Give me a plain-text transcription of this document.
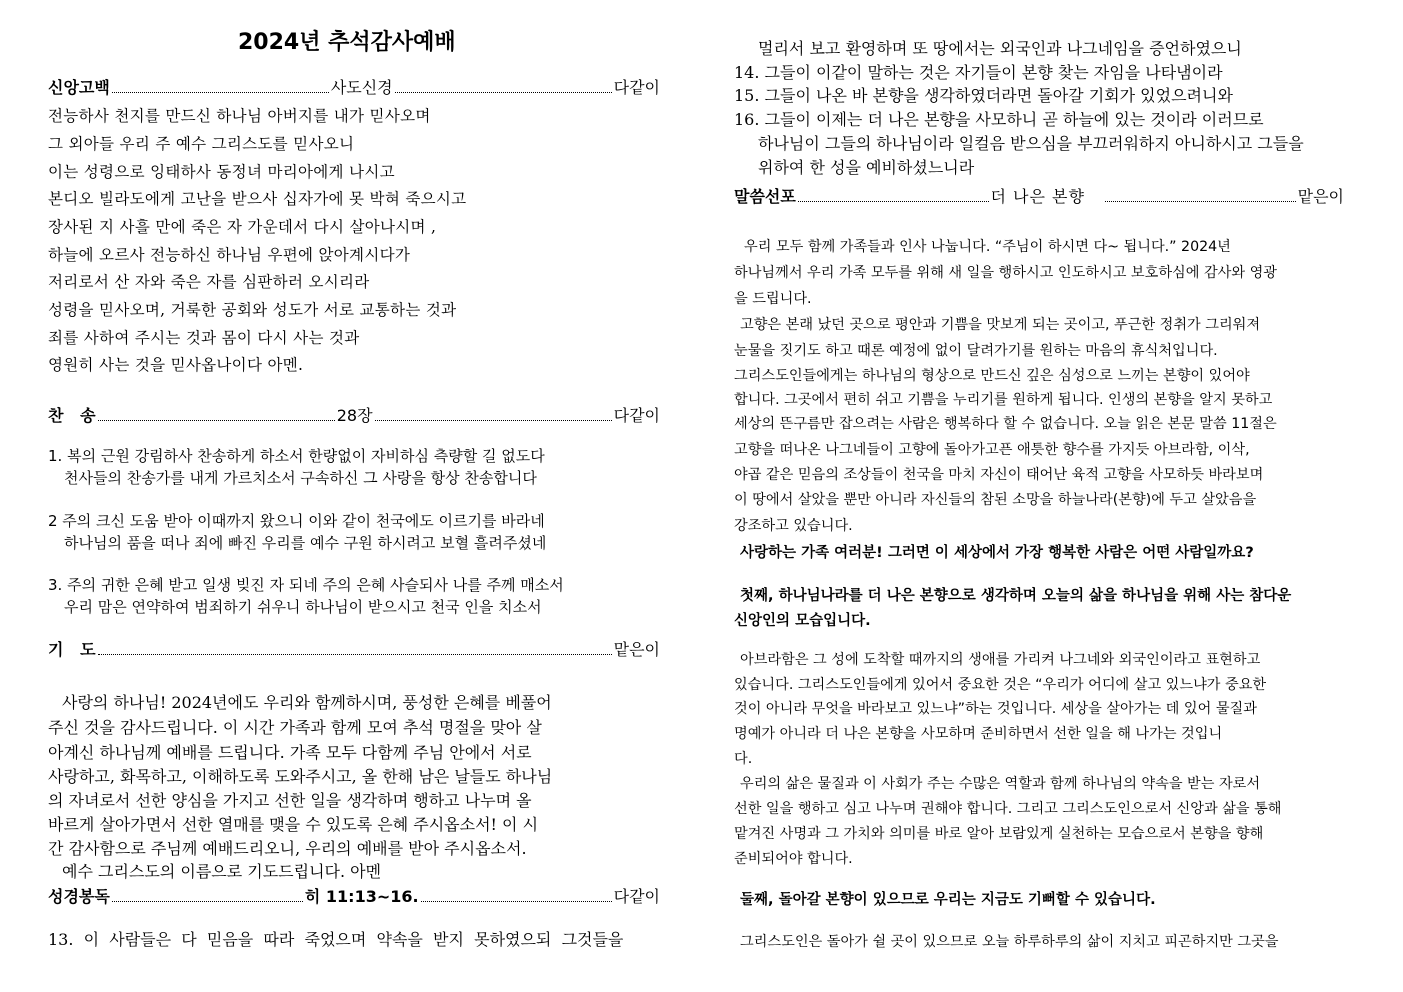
2024년 추석감사예배
신앙고백	사도신경	다같이
전능하사 천지를 만드신 하나님 아버지를 내가 믿사오며
그 외아들 우리 주 예수 그리스도를 믿사오니
이는 성령으로 잉태하사 동정녀 마리아에게 나시고
본디오 빌라도에게 고난을 받으사 십자가에 못 박혀 죽으시고
장사된 지 사흘 만에 죽은 자 가운데서 다시 살아나시며 ,
하늘에 오르사 전능하신 하나님 우편에 앉아계시다가
저리로서 산 자와 죽은 자를 심판하러 오시리라
성령을 믿사오며, 거룩한 공회와 성도가 서로 교통하는 것과
죄를 사하여 주시는 것과 몸이 다시 사는 것과
영원히 사는 것을 믿사옵나이다 아멘.
찬   송	28장	다같이
1. 복의 근원 강림하사 찬송하게 하소서 한량없이 자비하심 측량할 길 없도다
천사들의 찬송가를 내게 가르치소서 구속하신 그 사랑을 항상 찬송합니다
2 주의 크신 도움 받아 이때까지 왔으니 이와 같이 천국에도 이르기를 바라네
하나님의 품을 떠나 죄에 빠진 우리를 예수 구원 하시려고 보혈 흘려주셨네
3. 주의 귀한 은혜 받고 일생 빚진 자 되네 주의 은혜 사슬되사 나를 주께 매소서
우리 맘은 연약하여 범죄하기 쉬우니 하나님이 받으시고 천국 인을 치소서
기   도	맡은이
사랑의 하나님! 2024년에도 우리와 함께하시며, 풍성한 은혜를 베풀어
주신 것을 감사드립니다. 이 시간 가족과 함께 모여 추석 명절을 맞아 살
아계신 하나님께 예배를 드립니다. 가족 모두 다함께 주님 안에서 서로
사랑하고, 화목하고, 이해하도록 도와주시고, 올 한해 남은 날들도 하나님
의 자녀로서 선한 양심을 가지고 선한 일을 생각하며 행하고 나누며 올
바르게 살아가면서 선한 열매를 맺을 수 있도록 은혜 주시옵소서! 이 시
간 감사함으로 주님께 예배드리오니, 우리의 예배를 받아 주시옵소서.
예수 그리스도의 이름으로 기도드립니다. 아멘
성경봉독	히 11:13~16.	다같이
13.  이  사람들은  다  믿음을  따라  죽었으며  약속을  받지  못하였으되  그것들을
멀리서 보고 환영하며 또 땅에서는 외국인과 나그네임을 증언하였으니
14. 그들이 이같이 말하는 것은 자기들이 본향 찾는 자임을 나타냄이라
15. 그들이 나온 바 본향을 생각하였더라면 돌아갈 기회가 있었으려니와
16. 그들이 이제는 더 나은 본향을 사모하니 곧 하늘에 있는 것이라 이러므로
하나님이 그들의 하나님이라 일컬음 받으심을 부끄러워하지 아니하시고 그들을
위하여 한 성을 예비하셨느니라
말씀선포	더 나은 본향	맡은이
우리 모두 함께 가족들과 인사 나눕니다. “주님이 하시면 다~ 됩니다.” 2024년
하나님께서 우리 가족 모두를 위해 새 일을 행하시고 인도하시고 보호하심에 감사와 영광
을 드립니다.
고향은 본래 났던 곳으로 평안과 기쁨을 맛보게 되는 곳이고, 푸근한 정취가 그리워져
눈물을 짓기도 하고 때론 예정에 없이 달려가기를 원하는 마음의 휴식처입니다.
그리스도인들에게는 하나님의 형상으로 만드신 깊은 심성으로 느끼는 본향이 있어야
합니다. 그곳에서 편히 쉬고 기쁨을 누리기를 원하게 됩니다. 인생의 본향을 알지 못하고
세상의 뜬구름만 잡으려는 사람은 행복하다 할 수 없습니다. 오늘 읽은 본문 말씀 11절은
고향을 떠나온 나그네들이 고향에 돌아가고픈 애틋한 향수를 가지듯 아브라함, 이삭,
야곱 같은 믿음의 조상들이 천국을 마치 자신이 태어난 육적 고향을 사모하듯 바라보며
이 땅에서 살았을 뿐만 아니라 자신들의 참된 소망을 하늘나라(본향)에 두고 살았음을
강조하고 있습니다.
사랑하는 가족 여러분! 그러면 이 세상에서 가장 행복한 사람은 어떤 사람일까요?
첫째, 하나님나라를 더 나은 본향으로 생각하며 오늘의 삶을 하나님을 위해 사는 참다운
신앙인의 모습입니다.
아브라함은 그 성에 도착할 때까지의 생애를 가리켜 나그네와 외국인이라고 표현하고
있습니다. 그리스도인들에게 있어서 중요한 것은 “우리가 어디에 살고 있느냐가 중요한
것이 아니라 무엇을 바라보고 있느냐”하는 것입니다. 세상을 살아가는 데 있어 물질과
명예가 아니라 더 나은 본향을 사모하며 준비하면서 선한 일을 해 나가는 것입니
다.
우리의 삶은 물질과 이 사회가 주는 수많은 역할과 함께 하나님의 약속을 받는 자로서
선한 일을 행하고 심고 나누며 권해야 합니다. 그리고 그리스도인으로서 신앙과 삶을 통해
맡겨진 사명과 그 가치와 의미를 바로 알아 보람있게 실천하는 모습으로서 본향을 향해
준비되어야 합니다.
둘째, 돌아갈 본향이 있으므로 우리는 지금도 기뻐할 수 있습니다.
그리스도인은 돌아가 쉴 곳이 있으므로 오늘 하루하루의 삶이 지치고 피곤하지만 그곳을
